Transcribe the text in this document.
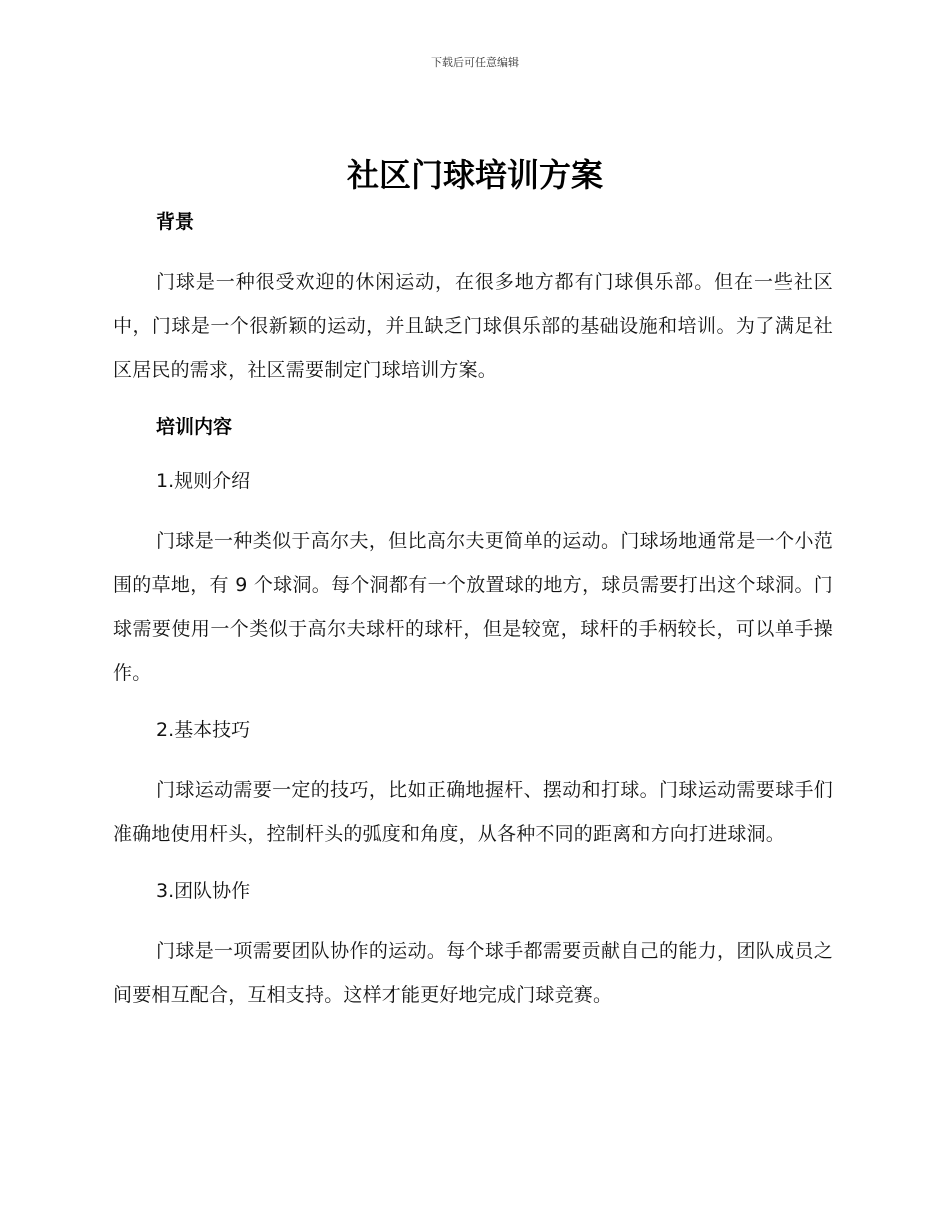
下载后可任意编辑
社区门球培训方案
背景

门球是一种很受欢迎的休闲运动，在很多地方都有门球俱乐部。但在一些社区中，门球是一个很新颖的运动，并且缺乏门球俱乐部的基础设施和培训。为了满足社区居民的需求，社区需要制定门球培训方案。

培训内容
1.规则介绍

门球是一种类似于高尔夫，但比高尔夫更简单的运动。门球场地通常是一个小范围的草地，有 9 个球洞。每个洞都有一个放置球的地方，球员需要打出这个球洞。门球需要使用一个类似于高尔夫球杆的球杆，但是较宽，球杆的手柄较长，可以单手操作。

2.基本技巧

门球运动需要一定的技巧，比如正确地握杆、摆动和打球。门球运动需要球手们准确地使用杆头，控制杆头的弧度和角度，从各种不同的距离和方向打进球洞。

3.团队协作

门球是一项需要团队协作的运动。每个球手都需要贡献自己的能力，团队成员之间要相互配合，互相支持。这样才能更好地完成门球竞赛。
